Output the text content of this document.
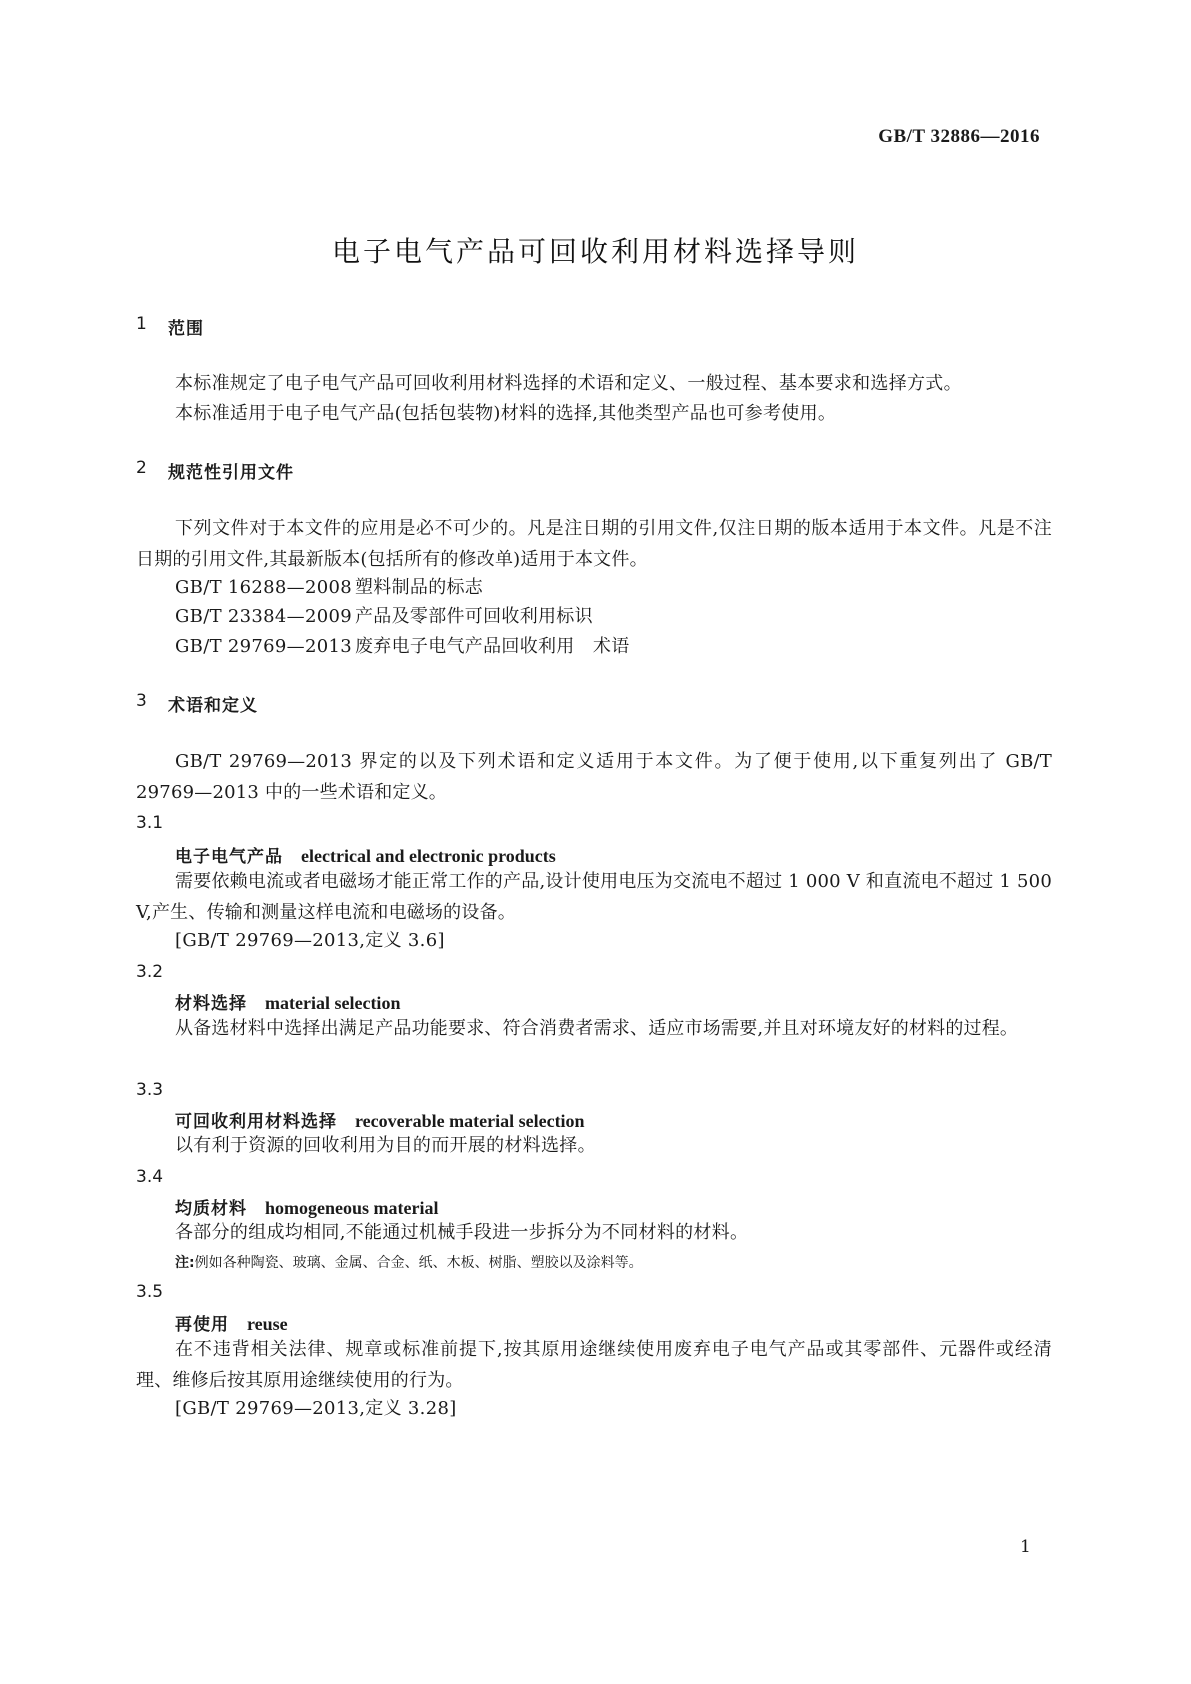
GB/T 32886—2016
电子电气产品可回收利用材料选择导则
1 范围
本标准规定了电子电气产品可回收利用材料选择的术语和定义、一般过程、基本要求和选择方式。
本标准适用于电子电气产品(包括包装物)材料的选择,其他类型产品也可参考使用。
2 规范性引用文件
下列文件对于本文件的应用是必不可少的。凡是注日期的引用文件,仅注日期的版本适用于本文件。凡是不注日期的引用文件,其最新版本(包括所有的修改单)适用于本文件。
GB/T 16288—2008 塑料制品的标志
GB/T 23384—2009 产品及零部件可回收利用标识
GB/T 29769—2013 废弃电子电气产品回收利用　术语
3 术语和定义
GB/T 29769—2013 界定的以及下列术语和定义适用于本文件。为了便于使用,以下重复列出了 GB/T 29769—2013 中的一些术语和定义。
3.1
电子电气产品 electrical and electronic products
需要依赖电流或者电磁场才能正常工作的产品,设计使用电压为交流电不超过 1 000 V 和直流电不超过 1 500 V,产生、传输和测量这样电流和电磁场的设备。
[GB/T 29769—2013,定义 3.6]
3.2
材料选择 material selection
从备选材料中选择出满足产品功能要求、符合消费者需求、适应市场需要,并且对环境友好的材料的过程。
3.3
可回收利用材料选择 recoverable material selection
以有利于资源的回收利用为目的而开展的材料选择。
3.4
均质材料 homogeneous material
各部分的组成均相同,不能通过机械手段进一步拆分为不同材料的材料。
注:例如各种陶瓷、玻璃、金属、合金、纸、木板、树脂、塑胶以及涂料等。
3.5
再使用 reuse
在不违背相关法律、规章或标准前提下,按其原用途继续使用废弃电子电气产品或其零部件、元器件或经清理、维修后按其原用途继续使用的行为。
[GB/T 29769—2013,定义 3.28]
1
